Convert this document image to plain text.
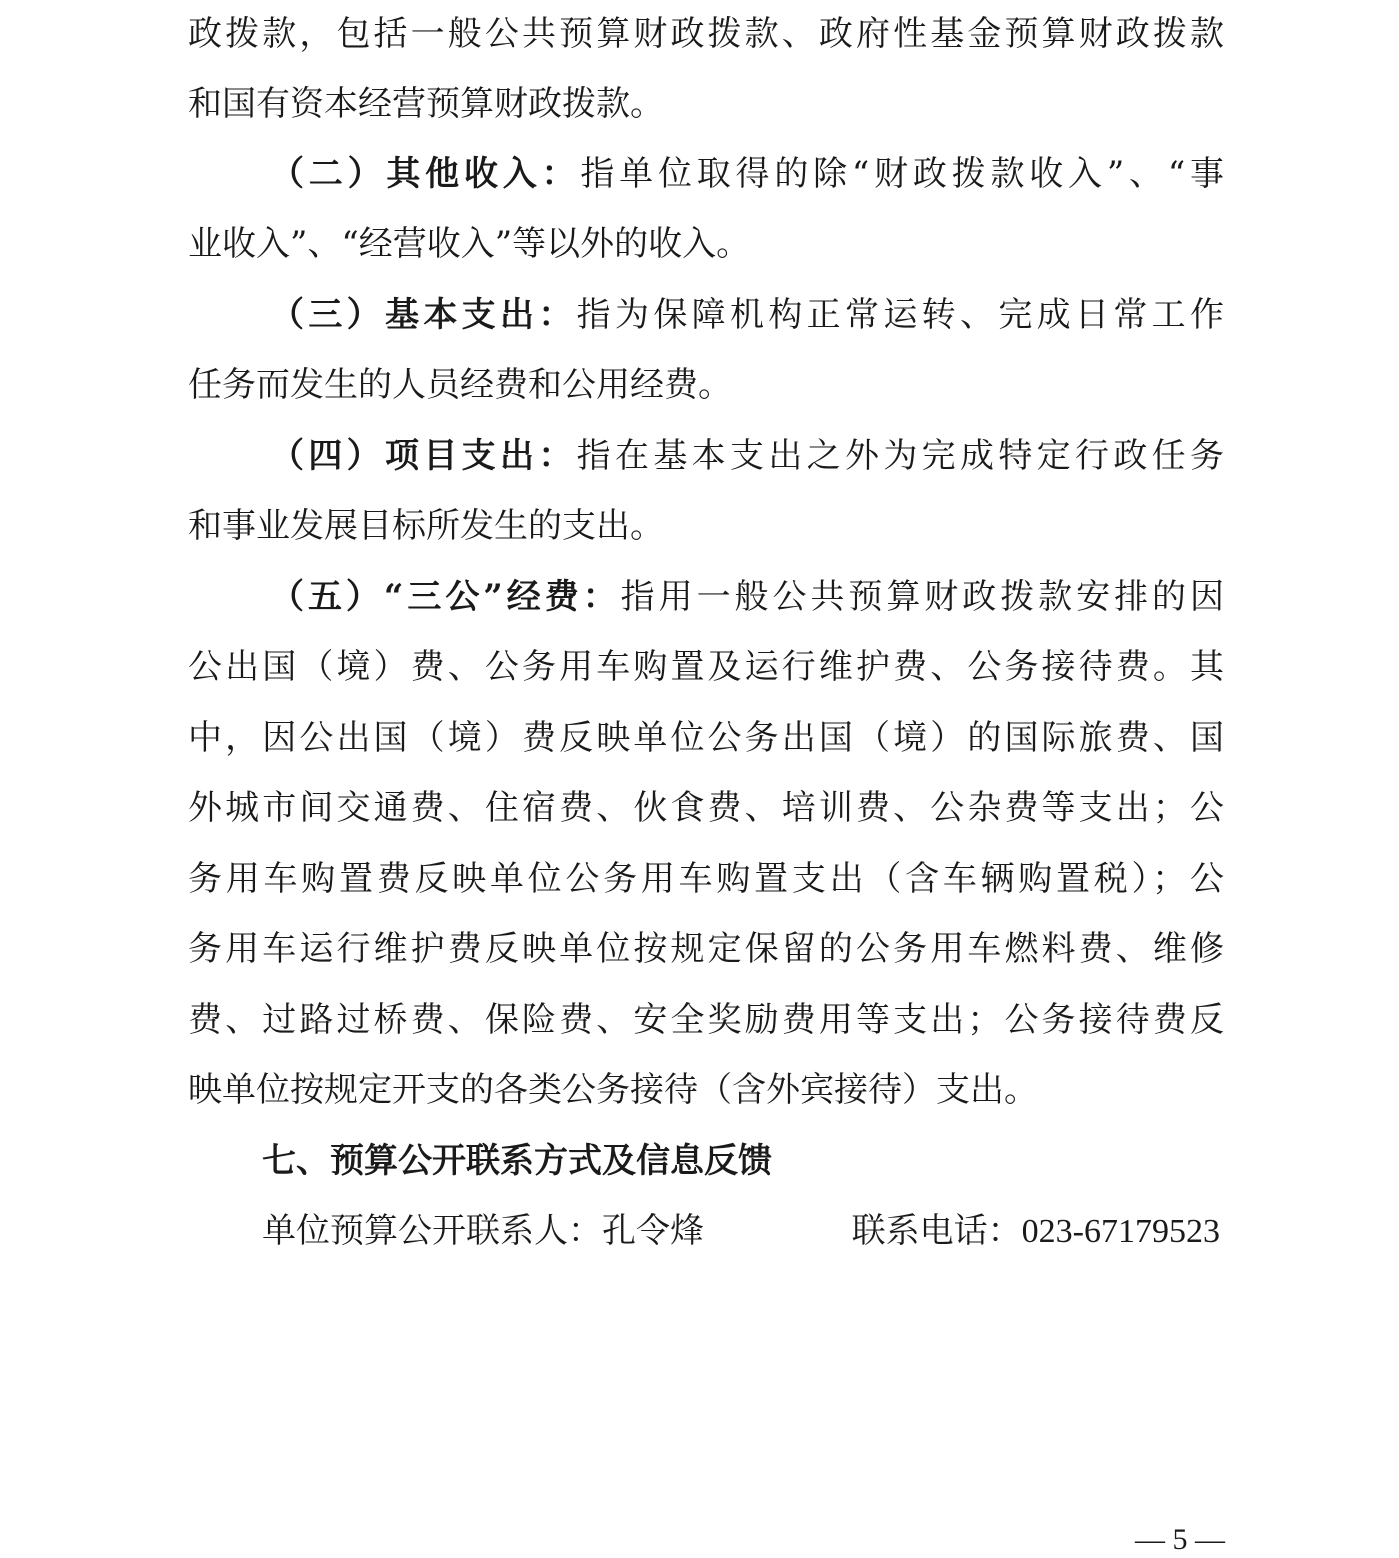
政拨款，包括一般公共预算财政拨款、政府性基金预算财政拨款
和国有资本经营预算财政拨款。
（二）其他收入：指单位取得的除“财政拨款收入”、“事
业收入”、“经营收入”等以外的收入。
（三）基本支出：指为保障机构正常运转、完成日常工作
任务而发生的人员经费和公用经费。
（四）项目支出：指在基本支出之外为完成特定行政任务
和事业发展目标所发生的支出。
（五）“三公”经费：指用一般公共预算财政拨款安排的因
公出国（境）费、公务用车购置及运行维护费、公务接待费。其
中，因公出国（境）费反映单位公务出国（境）的国际旅费、国
外城市间交通费、住宿费、伙食费、培训费、公杂费等支出；公
务用车购置费反映单位公务用车购置支出（含车辆购置税）；公
务用车运行维护费反映单位按规定保留的公务用车燃料费、维修
费、过路过桥费、保险费、安全奖励费用等支出；公务接待费反
映单位按规定开支的各类公务接待（含外宾接待）支出。
七、预算公开联系方式及信息反馈
单位预算公开联系人：孔令烽	联系电话：023-67179523
— 5 —
